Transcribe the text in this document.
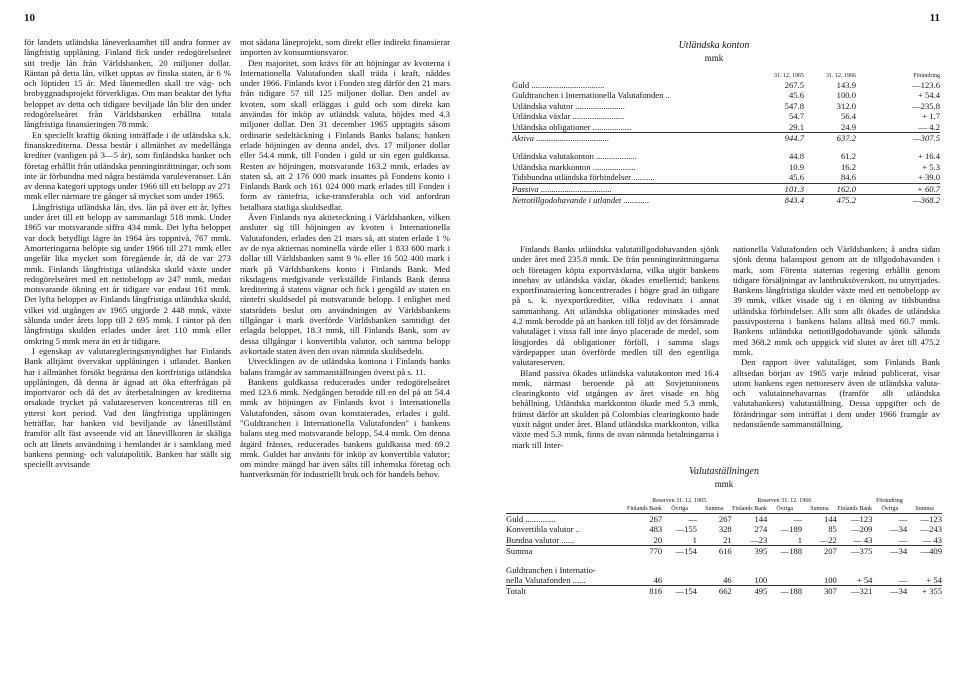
10	11

för landets utländska låneverksamhet till andra former av långfristig upplåning. Finland fick under redogörelseåret sitt tredje lån från Världsbanken, 20 miljoner dollar. Räntan på detta lån, vilket upptas av finska staten, är 6 % och löptiden 15 år. Med lånemedlen skall tre väg- och brobyggnadsprojekt förverkligas. Om man beaktar det lyfta beloppet av detta och tidigare beviljade lån blir den under redogörelseåret från Världsbanken erhållna totala långfristiga finansieringen 78 mmk.

En speciellt kraftig ökning inträffade i de utländska s.k. finanskrediterna. Dessa består i allmänhet av medellånga krediter (vanligen på 3—5 år), som finländska banker och företag erhållit från utländska penninginrättningar, och som inte är förbundna med några bestämda varuleveranser. Lån av denna kategori upptogs under 1966 till ett belopp av 271 mmk eller närmare tre gånger så mycket som under 1965.

Långfristiga utländska lån, dvs. lån på över ett år, lyftes under året till ett belopp av sammanlagt 518 mmk. Under 1965 var motsvarande siffra 434 mmk. Det lyfta beloppet var dock betydligt lägre än 1964 års toppnivå, 767 mmk. Amorteringarna belöpte sig under 1966 till 271 mmk eller ungefär lika mycket som föregående år, då de var 273 mmk. Finlands långfristiga utländska skuld växte under redogörelseåret med ett nettobelopp av 247 mmk, medan motsvarande ökning ett år tidigare var endast 161 mmk. Det lyfta beloppet av Finlands långfristiga utländska skuld, vilket vid utgången av 1965 utgjorde 2 448 mmk, växte sålunda under årets lopp till 2 695 mmk. I räntor på den långfristiga skulden erlades under året 110 mmk eller omkring 5 mmk mera än ett år tidigare.

I egenskap av valutaregleringsmyndighet har Finlands Bank alltjämt övervakat upplåningen i utlandet. Banken har i allmänhet försökt begränsa den kortfristiga utländska upplåningen, då denna är ägnad att öka efterfrågan på importvaror och då det av återbetalningen av krediterna orsakade trycket på valutareserven koncentreras till en ytterst kort period. Vad den långfristiga upplåningen beträffar, har banken vid beviljande av lånetillstånd framför allt fäst avseende vid att lånevillkoren är skäliga och att lånets användning i hemlandet är i samklang med bankens penning- och valutapolitik. Banken har ställt sig speciellt avvisande

mot sådana låneprojekt, som direkt eller indirekt finansierar importen av konsumtionsvaror.

Den majoritet, som krävs för att höjningar av kvoterna i Internationella Valutafonden skall träda i kraft, nåddes under 1966. Finlands kvot i Fonden steg därför den 21 mars från tidigare 57 till 125 miljoner dollar. Den andel av kvoten, som skall erläggas i guld och som direkt kan användas för inköp av utländsk valuta, höjdes med 4.3 miljoner dollar. Den 31 december 1965 upptagits såsom ordinarie sedeltäckning i Finlands Banks balans; banken erlade höjningen av denna andel, dvs. 17 miljoner dollar eller 54.4 mmk, till Fonden i guld ur sin egen guldkassa. Resten av höjningen, motsvarande 163.2 mmk, erlades av staten så, att 2 176 000 mark insattes på Fondens konto i Finlands Bank och 161 024 000 mark erlades till Fonden i form av räntefria, icke-transferabla och vid anfordran betalbara statliga skuldsedlar.

Även Finlands nya aktieteckning i Världsbanken, vilken ansluter sig till höjningen av kvoten i Internationella Valutafonden, erlades den 21 mars så, att staten erlade 1 % av de nya aktiernas nominella värde eller 1 833 600 mark i dollar till Världsbanken samt 9 % eller 16 502 400 mark i mark på Världsbankens konto i Finlands Bank. Med riksdagens medgivande verkställde Finlands Bank denna kreditering å statens vägnar och fick i gengäld av staten en räntefri skuldsedel på motsvarande belopp. I enlighet med statsrådets beslut om användningen av Världsbankens tillgångar i mark överförde Världsbanken samtidigt det erlagda beloppet, 18.3 mmk, till Finlands Bank, som av dessa tillgångar i konvertibla valutor, och samma belopp avkortade staten även den ovan nämnda skuldsedeln.

Utvecklingen av de utländska kontona i Finlands banks balans framgår av sammanställningen överst på s. 11.

Bankens guldkassa reducerades under redogörelseåret med 123.6 mmk. Nedgången berodde till en del på att 54.4 mmk av höjningen av Finlands kvot i Internationella Valutafonden, såsom ovan konstaterades, erlades i guld. "Guldtranchen i Internationella Valutafonden" i bankens balans steg med motsvarande belopp, 54.4 mmk. Om denna åtgärd fränses, reducerades bankens guldkassa med 69.2 mmk. Guldet har använts för inköp av konvertibla valutor; om mindre mängd har även sålts till inhemska företag och hantverksmän för industriellt bruk och för handels behov.

Utländska konton
mmk
	31. 12. 1965	31. 12. 1966	Förändring
Guld ..................................	267.5	143.9	—123.6
Guldtranchen i Internationella Valutafonden ..	45.6	100.0	+ 54.4
Utländska valutor .......................	547.8	312.0	—235.8
Utländska växlar ........................	54.7	56.4	+ 1.7
Utländska obligationer ..................	29.1	24.9	— 4.2
Aktiva ..................................	944.7	637.2	—307.5

Utländska valutakonton ...................	44.8	61.2	+ 16.4
Utländska markkonton ....................	10.9	16.2	+ 5.3
Tidsbundna utländska förbindelser ..........	45.6	84.6	+ 39.0
Passiva .................................	101.3	162.0	+ 60.7
Nettotillgodohavande i utlandet ............	843.4	475.2	—368.2

Finlands Banks utländska valutatillgodohavanden sjönk under året med 235.8 mmk. De från penninginrättningarna och företagen köpta exportväxlarna, vilka utgör bankens innehav av utländska växlar, ökades emellertid; bankens exportfinansiering koncentrerades i högre grad än tidigare på s. k. nyexportkrediter, vilka redovisats i annat sammanhang. Att utländska obligationer minskades med 4.2 mmk berodde på att banken till följd av det försämrade valutaläget i vissa fall inte ånyo placerade de medel, som lösgjordes då obligationer förföll, i samma slags värdepapper utan överförde medlen till den egentliga valutareserven.

Bland passiva ökades utländska valutakonton med 16.4 mmk, närmast beroende på att Sovjetunionens clearingkonto vid utgången av året visade en hög behållning. Utländska markkonton ökade med 5.3 mmk, främst därför att skulden på Colombias clearingkonto hade vuxit något under året. Bland utländska markkonton, vilka växte med 5.3 mmk, finns de ovan nämnda betalningarna i mark till Inter-

nationella Valutafonden och Världsbanken; å andra sidan sjönk denna balanspost genom att de tillgodohavanden i mark, som Förenta staternas regering erhållit genom tidigare försäljningar av lantbruksöverskott, nu utnyttjades. Bankens långfristiga skulder växte med ett nettobelopp av 39 mmk, vilket visade sig i en ökning av tidsbundna utländska förbindelser. Allt som allt ökades de utländska passivposterna i bankens balans alltså med 60.7 mmk. Bankens utländska nettotillgodohavande sjönk sålunda med 368.2 mmk och uppgick vid slutet av året till 475.2 mmk.

Den rapport över valutaläget, som Finlands Bank alltsedan början av 1965 varje månad publicerat, visar utom bankens egen nettoreserv även de utländska valuta- och valutainnehavarnas (framför allt utländska valutabankers) valutaställning. Dessa uppgifter och de förändringar som inträffat i dem under 1966 framgår av nedanstående sammanställning.

Valutaställningen
mmk
	Reserven 31. 12. 1965			Reserven 31. 12. 1966			Förändring		
	Finlands Bank	Övriga	Summa	Finlands Bank	Övriga	Summa	Finlands Bank	Övriga	Summa
Guld ..............	267	—	267	144	—	144	—123	—	—123
Konvertibla valutor ..	483	—155	328	274	—189	85	—209	—34	—243
Bundna valutor ......	20	1	21	—23	1	—22	— 43	—	— 43
Summa	770	—154	616	395	—188	207	—375	—34	—409

Guldtranchen i Internatio-									
nella Valutafonden ......	46		46	100		100	+ 54	—	+ 54
Totalt	816	—154	662	495	—188	307	—321	—34	+ 355
